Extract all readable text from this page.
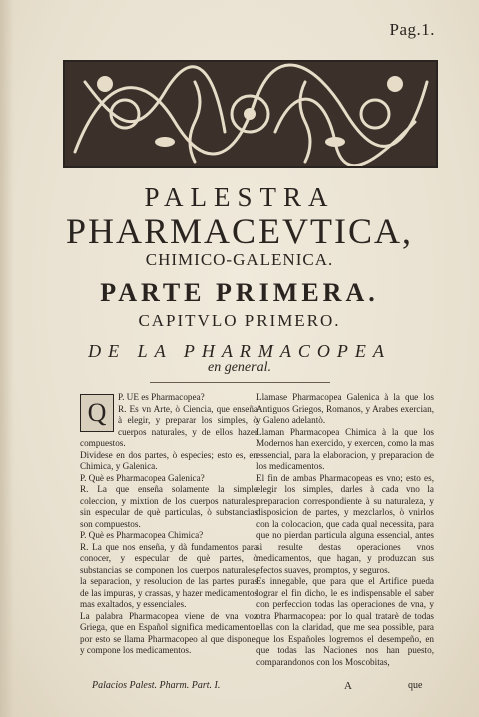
Pag.1.
PALESTRA
PHARMACEVTICA,
CHIMICO-GALENICA.
PARTE PRIMERA.
CAPITVLO PRIMERO.
DE LA PHARMACOPEA
en general.
Q

P. UE es Pharmacopea?

R. Es vn Arte, ò Ciencia, que enseña à elegir, y preparar los simples, ò cuerpos naturales, y de ellos hazer compuestos.

Dividese en dos partes, ò especies; esto es, en Chimica, y Galenica.

P. Què es Pharmacopea Galenica?

R. La que enseña solamente la simple coleccion, y mixtion de los cuerpos naturales, sin especular de què particulas, ò substancias son compuestos.

P. Què es Pharmacopea Chimica?

R. La que nos enseña, y dà fundamentos para conocer, y especular de què partes, ò substancias se componen los cuerpos naturales, la separacion, y resolucion de las partes puras de las impuras, y crassas, y hazer medicamentos mas exaltados, y essenciales.

La palabra Pharmacopea viene de vna voz Griega, que en Español significa medicamento: por esto se llama Pharmacopeo al que dispone, y compone los medicamentos.

Llamase Pharmacopea Galenica à la que los Antiguos Griegos, Romanos, y Arabes exercian, y Galeno adelantò.

Llaman Pharmacopea Chimica à la que los Modernos han exercido, y exercen, como la mas essencial, para la elaboracion, y preparacion de los medicamentos.

El fin de ambas Pharmacopeas es vno; esto es, elegir los simples, darles à cada vno la preparacion correspondiente à su naturaleza, y disposicion de partes, y mezclarlos, ò vnirlos con la colocacion, que cada qual necessita, para que no pierdan particula alguna essencial, antes sì resulte destas operaciones vnos medicamentos, que hagan, y produzcan sus efectos suaves, promptos, y seguros.

Es innegable, que para que el Artifice pueda lograr el fin dicho, le es indispensable el saber con perfeccion todas las operaciones de vna, y otra Pharmacopea: por lo qual tratarè de todas ellas con la claridad, que me sea possible, para que los Españoles logremos el desempeño, en que todas las Naciones nos han puesto, comparandonos con los Moscobitas,

Palacios Palest. Pharm. Part. I.	A	que
